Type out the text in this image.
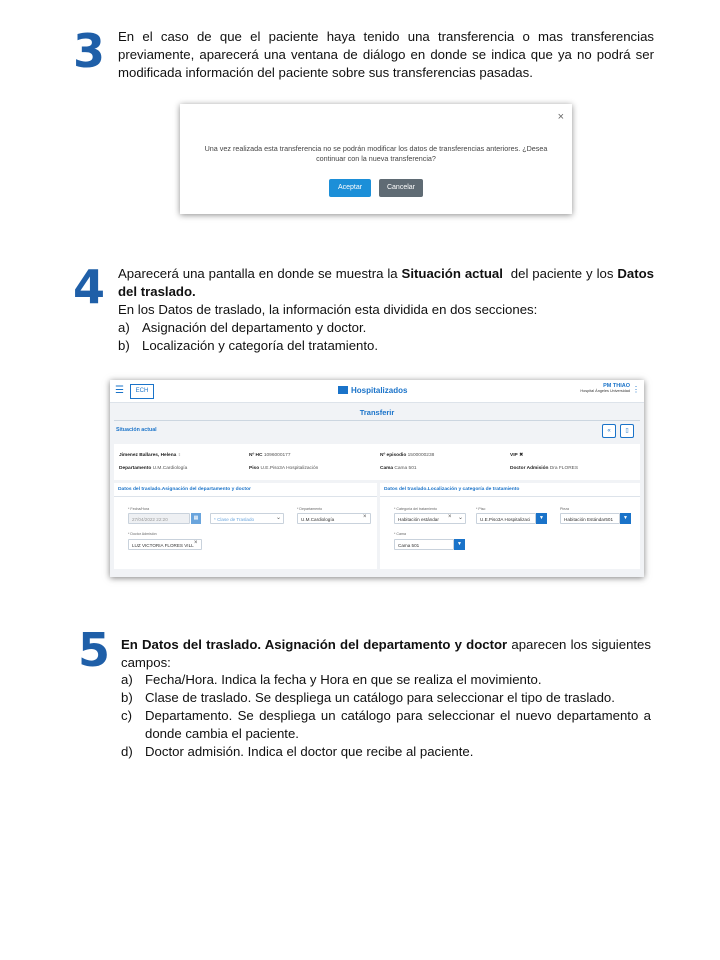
3 En el caso de que el paciente haya tenido una transferencia o mas transferencias previamente, aparecerá una ventana de diálogo en donde se indica que ya no podrá ser modificada información del paciente sobre sus transferencias pasadas.
×
Una vez realizada esta transferencia no se podrán modificar los datos de transferencias anteriores. ¿Desea continuar con la nueva transferencia?
Aceptar	Cancelar
4 Aparecerá una pantalla en donde se muestra la Situación actual  del paciente y los Datos del traslado.
En los Datos de traslado, la información esta dividida en dos secciones:
a) Asignación del departamento y doctor.
b) Localización y categoría del tratamiento.
☰	ECH	Hospitalizados	PM THIAO
Hospital Ángeles Universidad ⋮
Transferir
Situación actual	«	▯
Jimenez Ballares, Helena ♀	Nº HC 1096000177	Nº episodio 1500000238	VIP ✖
Departamento U.M.Cardiología	Piso U.E.Piso3A Hospitalización	Cama Cama 501	Doctor Admisión Dra FLORES
Datos del traslado.Asignación del departamento y doctor
* Fecha/Hora
27/04/2022 22:20	▦	* Clase de Traslado	⌄
* Departamento
U.M.Cardiología	×
* Doctor Admisión
LUZ VICTORIA FLORES VILL ×
Datos del traslado.Localización y categoría de tratamiento
* Categoría del tratamiento
Habitación estándar	× ⌄
* Piso
U.E.Piso3A Hospitalizaci	▼
Pieza
Habitación Estándar501	▼
* Cama
Cama 501	▼
5 En Datos del traslado. Asignación del departamento y doctor aparecen los siguientes campos:
a) Fecha/Hora. Indica la fecha y Hora en que se realiza el movimiento.
b) Clase de traslado. Se despliega un catálogo para seleccionar el tipo de traslado.
c) Departamento. Se despliega un catálogo para seleccionar el nuevo departamento a donde cambia el paciente.
d) Doctor admisión. Indica el doctor que recibe al paciente.
